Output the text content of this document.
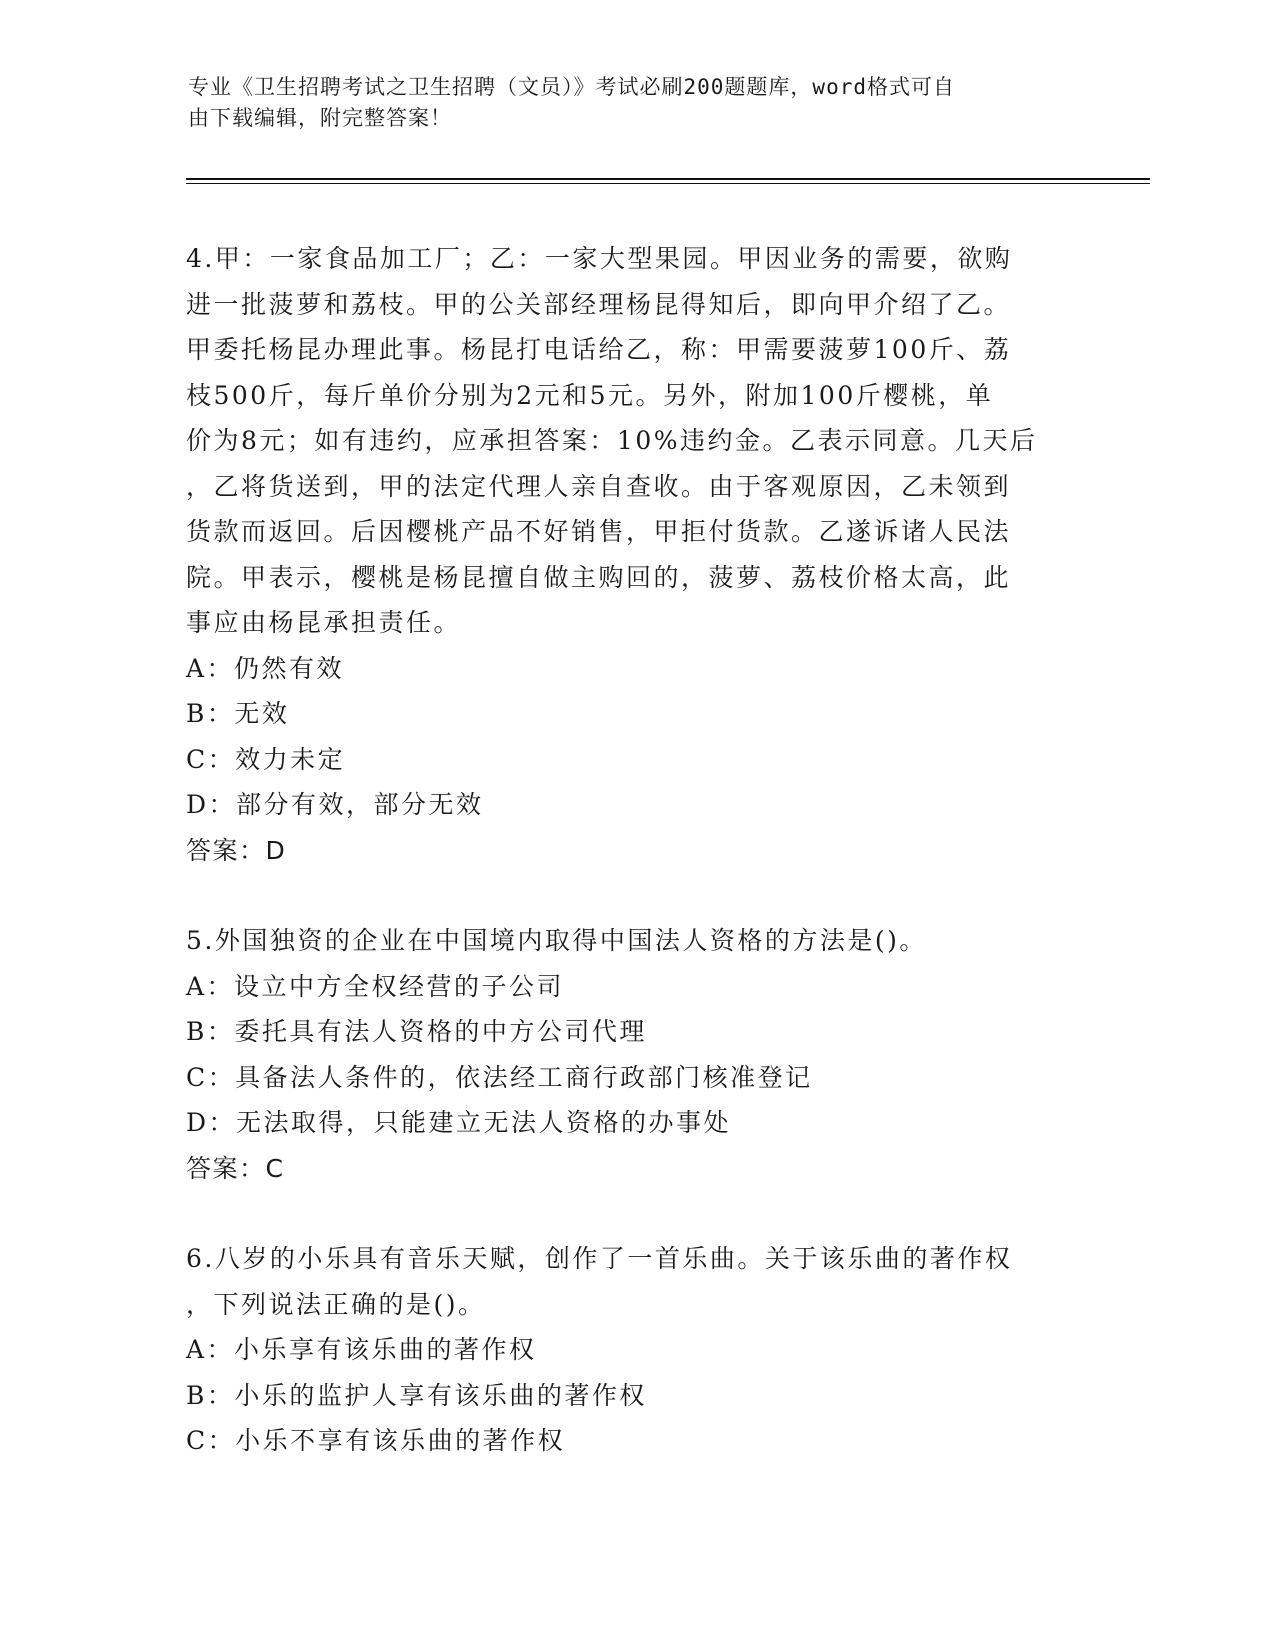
专业《卫生招聘考试之卫生招聘（文员）》考试必刷200题题库，word格式可自
由下载编辑，附完整答案！
4.甲：一家食品加工厂；乙：一家大型果园。甲因业务的需要，欲购
进一批菠萝和荔枝。甲的公关部经理杨昆得知后，即向甲介绍了乙。
甲委托杨昆办理此事。杨昆打电话给乙，称：甲需要菠萝100斤、荔
枝500斤，每斤单价分别为2元和5元。另外，附加100斤樱桃，单
价为8元；如有违约，应承担答案：10%违约金。乙表示同意。几天后
，乙将货送到，甲的法定代理人亲自查收。由于客观原因，乙未领到
货款而返回。后因樱桃产品不好销售，甲拒付货款。乙遂诉诸人民法
院。甲表示，樱桃是杨昆擅自做主购回的，菠萝、荔枝价格太高，此
事应由杨昆承担责任。
A：仍然有效
B：无效
C：效力未定
D：部分有效，部分无效
答案：D
5.外国独资的企业在中国境内取得中国法人资格的方法是()。
A：设立中方全权经营的子公司
B：委托具有法人资格的中方公司代理
C：具备法人条件的，依法经工商行政部门核准登记
D：无法取得，只能建立无法人资格的办事处
答案：C
6.八岁的小乐具有音乐天赋，创作了一首乐曲。关于该乐曲的著作权
，下列说法正确的是()。
A：小乐享有该乐曲的著作权
B：小乐的监护人享有该乐曲的著作权
C：小乐不享有该乐曲的著作权
